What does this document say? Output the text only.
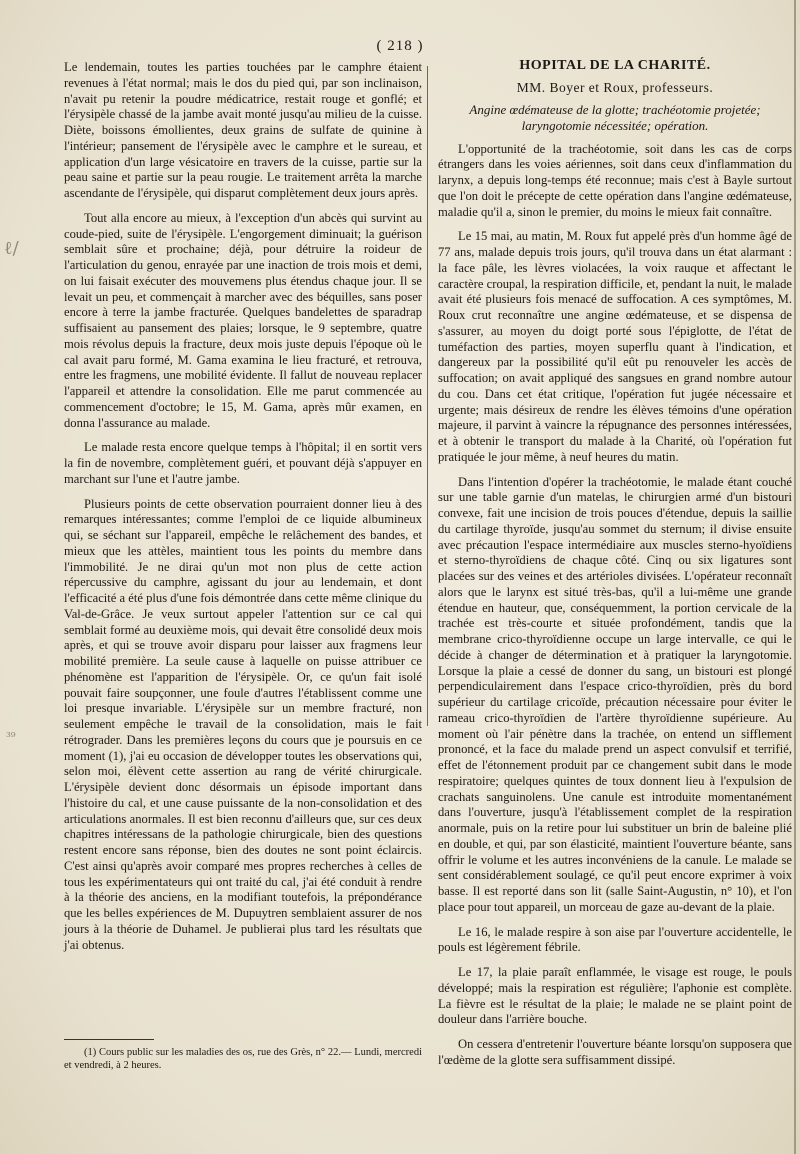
ℓ/
³⁹
( 218 )

Le lendemain, toutes les parties touchées par le camphre étaient revenues à l'état normal; mais le dos du pied qui, par son inclinaison, n'avait pu retenir la poudre médicatrice, restait rouge et gonflé; et l'érysipèle chassé de la jambe avait monté jusqu'au milieu de la cuisse. Diète, boissons émollientes, deux grains de sulfate de quinine à l'intérieur; pansement de l'érysipèle avec le camphre et le sureau, et application d'un large vésicatoire en travers de la cuisse, partie sur la peau saine et partie sur la peau rougie. Le traitement arrêta la marche ascendante de l'érysipèle, qui disparut complètement deux jours après.

Tout alla encore au mieux, à l'exception d'un abcès qui survint au coude-pied, suite de l'érysipèle. L'engorgement diminuait; la guérison semblait sûre et prochaine; déjà, pour détruire la roideur de l'articulation du genou, enrayée par une inaction de trois mois et demi, on lui faisait exécuter des mouvemens plus étendus chaque jour. Il se levait un peu, et commençait à marcher avec des béquilles, sans poser encore à terre la jambe fracturée. Quelques bandelettes de sparadrap suffisaient au pansement des plaies; lorsque, le 9 septembre, quatre mois révolus depuis la fracture, deux mois juste depuis l'époque où le cal avait paru formé, M. Gama examina le lieu fracturé, et retrouva, entre les fragmens, une mobilité évidente. Il fallut de nouveau replacer l'appareil et attendre la consolidation. Elle me parut commencée au commencement d'octobre; le 15, M. Gama, après mûr examen, en donna l'assurance au malade.

Le malade resta encore quelque temps à l'hôpital; il en sortit vers la fin de novembre, complètement guéri, et pouvant déjà s'appuyer en marchant sur l'une et l'autre jambe.

Plusieurs points de cette observation pourraient donner lieu à des remarques intéressantes; comme l'emploi de ce liquide albumineux qui, se séchant sur l'appareil, empêche le relâchement des bandes, et mieux que les attèles, maintient tous les points du membre dans l'immobilité. Je ne dirai qu'un mot non plus de cette action répercussive du camphre, agissant du jour au lendemain, et dont l'efficacité a été plus d'une fois démontrée dans cette même clinique du Val-de-Grâce. Je veux surtout appeler l'attention sur ce cal qui semblait formé au deuxième mois, qui devait être consolidé deux mois après, et qui se trouve avoir disparu pour laisser aux fragmens leur mobilité première. La seule cause à laquelle on puisse attribuer ce phénomène est l'apparition de l'érysipèle. Or, ce qu'un fait isolé pouvait faire soupçonner, une foule d'autres l'établissent comme une loi presque invariable. L'érysipèle sur un membre fracturé, non seulement empêche le travail de la consolidation, mais le fait rétrograder. Dans les premières leçons du cours que je poursuis en ce moment (1), j'ai eu occasion de développer toutes les observations qui, selon moi, élèvent cette assertion au rang de vérité chirurgicale. L'érysipèle devient donc désormais un épisode important dans l'histoire du cal, et une cause puissante de la non-consolidation et des articulations anormales. Il est bien reconnu d'ailleurs que, sur ces deux chapitres intéressans de la pathologie chirurgicale, bien des questions restent encore sans réponse, bien des doutes ne sont point éclaircis. C'est ainsi qu'après avoir comparé mes propres recherches à celles de tous les expérimentateurs qui ont traité du cal, j'ai été conduit à rendre à la théorie des anciens, en la modifiant toutefois, la prépondérance que les belles expériences de M. Dupuytren semblaient assurer de nos jours à la théorie de Duhamel. Je publierai plus tard les résultats que j'ai obtenus.

(1) Cours public sur les maladies des os, rue des Grès, n° 22.— Lundi, mercredi et vendredi, à 2 heures.

HOPITAL DE LA CHARITÉ.
MM. Boyer et Roux, professeurs.
Angine œdémateuse de la glotte; trachéotomie projetée; laryngotomie nécessitée; opération.

L'opportunité de la trachéotomie, soit dans les cas de corps étrangers dans les voies aériennes, soit dans ceux d'inflammation du larynx, a depuis long-temps été reconnue; mais c'est à Bayle surtout que l'on doit le précepte de cette opération dans l'angine œdémateuse, maladie qu'il a, sinon le premier, du moins le mieux fait connaître.

Le 15 mai, au matin, M. Roux fut appelé près d'un homme âgé de 77 ans, malade depuis trois jours, qu'il trouva dans un état alarmant : la face pâle, les lèvres violacées, la voix rauque et affectant le caractère croupal, la respiration difficile, et, pendant la nuit, le malade avait été plusieurs fois menacé de suffocation. A ces symptômes, M. Roux crut reconnaître une angine œdémateuse, et se dispensa de s'assurer, au moyen du doigt porté sous l'épiglotte, de l'état de tuméfaction des parties, moyen superflu quant à l'indication, et dangereux par la possibilité qu'il eût pu renouveler les accès de suffocation; on avait appliqué des sangsues en grand nombre autour du cou. Dans cet état critique, l'opération fut jugée nécessaire et urgente; mais désireux de rendre les élèves témoins d'une opération majeure, il parvint à vaincre la répugnance des personnes intéressées, et à obtenir le transport du malade à la Charité, où l'opération fut pratiquée le jour même, à neuf heures du matin.

Dans l'intention d'opérer la trachéotomie, le malade étant couché sur une table garnie d'un matelas, le chirurgien armé d'un bistouri convexe, fait une incision de trois pouces d'étendue, depuis la saillie du cartilage thyroïde, jusqu'au sommet du sternum; il divise ensuite avec précaution l'espace intermédiaire aux muscles sterno-hyoïdiens et sterno-thyroïdiens de chaque côté. Cinq ou six ligatures sont placées sur des veines et des artérioles divisées. L'opérateur reconnaît alors que le larynx est situé très-bas, qu'il a lui-même une grande étendue en hauteur, que, conséquemment, la portion cervicale de la trachée est très-courte et située profondément, tandis que la membrane crico-thyroïdienne occupe un large intervalle, ce qui le décide à changer de détermination et à pratiquer la laryngotomie. Lorsque la plaie a cessé de donner du sang, un bistouri est plongé perpendiculairement dans l'espace crico-thyroïdien, près du bord supérieur du cartilage cricoïde, précaution nécessaire pour éviter le rameau crico-thyroïdien de l'artère thyroïdienne supérieure. Au moment où l'air pénètre dans la trachée, on entend un sifflement prononcé, et la face du malade prend un aspect convulsif et terrifié, effet de l'étonnement produit par ce changement subit dans le mode respiratoire; quelques quintes de toux donnent lieu à l'expulsion de crachats sanguinolens. Une canule est introduite momentanément dans l'ouverture, jusqu'à l'établissement complet de la respiration anormale, puis on la retire pour lui substituer un brin de baleine plié en double, et qui, par son élasticité, maintient l'ouverture béante, sans offrir le volume et les autres inconvéniens de la canule. Le malade se sent considérablement soulagé, ce qu'il peut encore exprimer à voix basse. Il est reporté dans son lit (salle Saint-Augustin, n° 10), et l'on place pour tout appareil, un morceau de gaze au-devant de la plaie.

Le 16, le malade respire à son aise par l'ouverture accidentelle, le pouls est légèrement fébrile.

Le 17, la plaie paraît enflammée, le visage est rouge, le pouls développé; mais la respiration est régulière; l'aphonie est complète. La fièvre est le résultat de la plaie; le malade ne se plaint point de douleur dans l'arrière bouche.

On cessera d'entretenir l'ouverture béante lorsqu'on supposera que l'œdème de la glotte sera suffisamment dissipé.
